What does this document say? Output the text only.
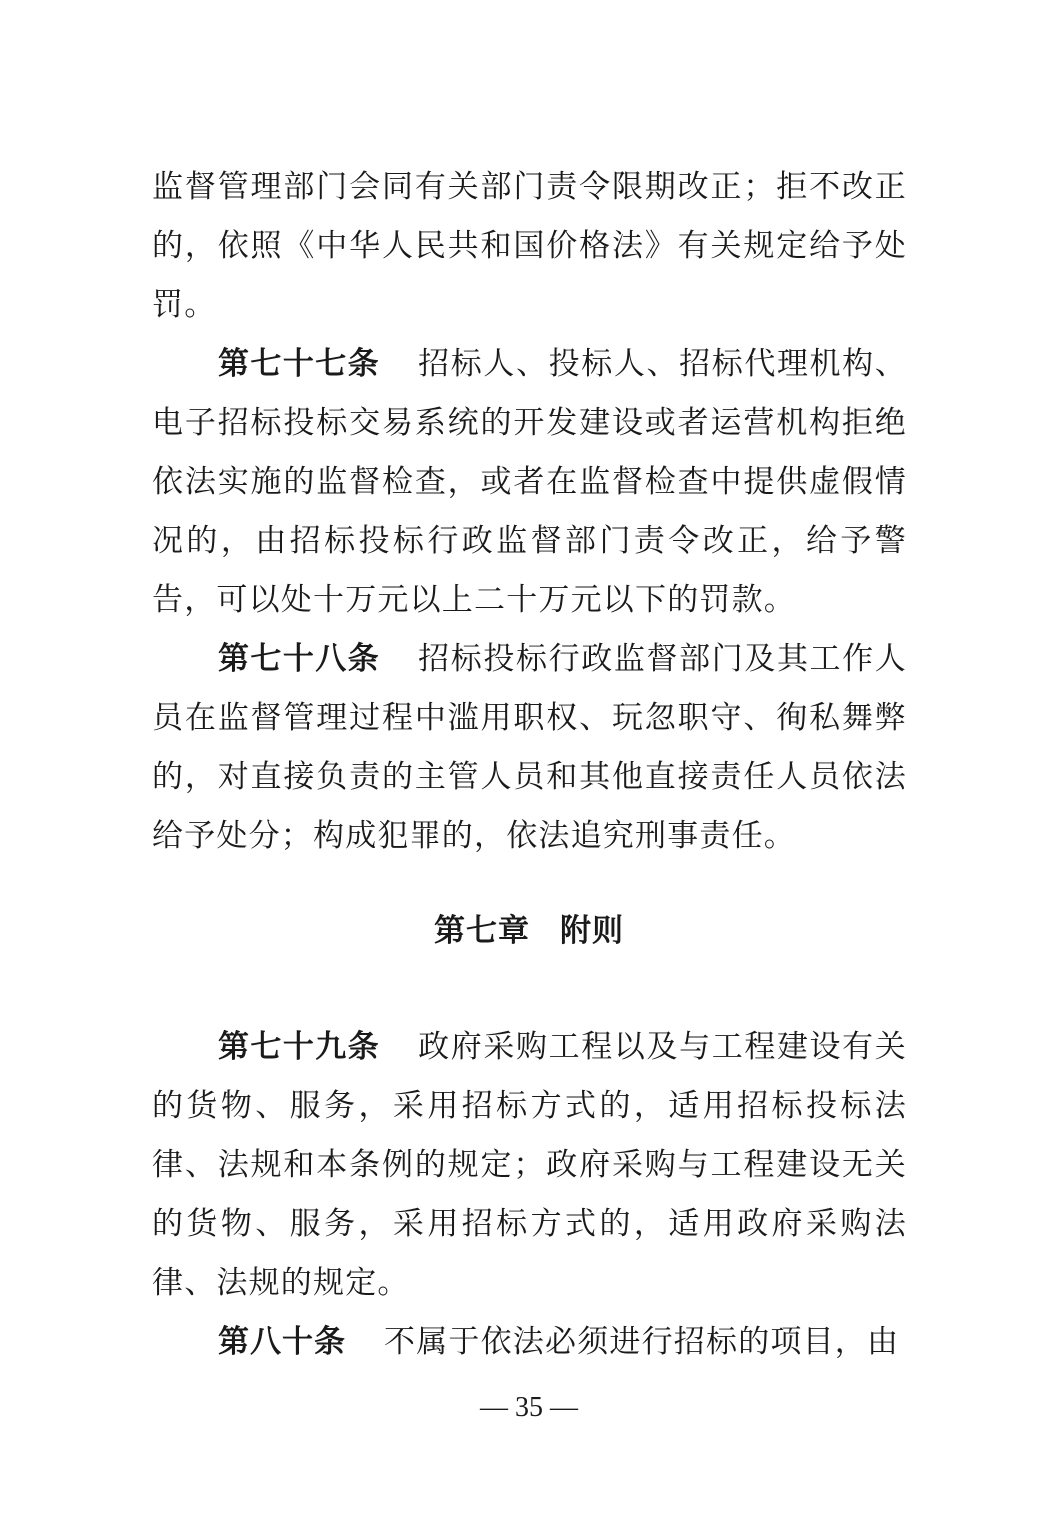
监督管理部门会同有关部门责令限期改正；拒不改正的，依照《中华人民共和国价格法》有关规定给予处罚。

第七十七条 招标人、投标人、招标代理机构、电子招标投标交易系统的开发建设或者运营机构拒绝依法实施的监督检查，或者在监督检查中提供虚假情况的，由招标投标行政监督部门责令改正，给予警告，可以处十万元以上二十万元以下的罚款。

第七十八条 招标投标行政监督部门及其工作人员在监督管理过程中滥用职权、玩忽职守、徇私舞弊的，对直接负责的主管人员和其他直接责任人员依法给予处分；构成犯罪的，依法追究刑事责任。

第七章 附则

第七十九条 政府采购工程以及与工程建设有关的货物、服务，采用招标方式的，适用招标投标法律、法规和本条例的规定；政府采购与工程建设无关的货物、服务，采用招标方式的，适用政府采购法律、法规的规定。

第八十条 不属于依法必须进行招标的项目，由

— 35 —
